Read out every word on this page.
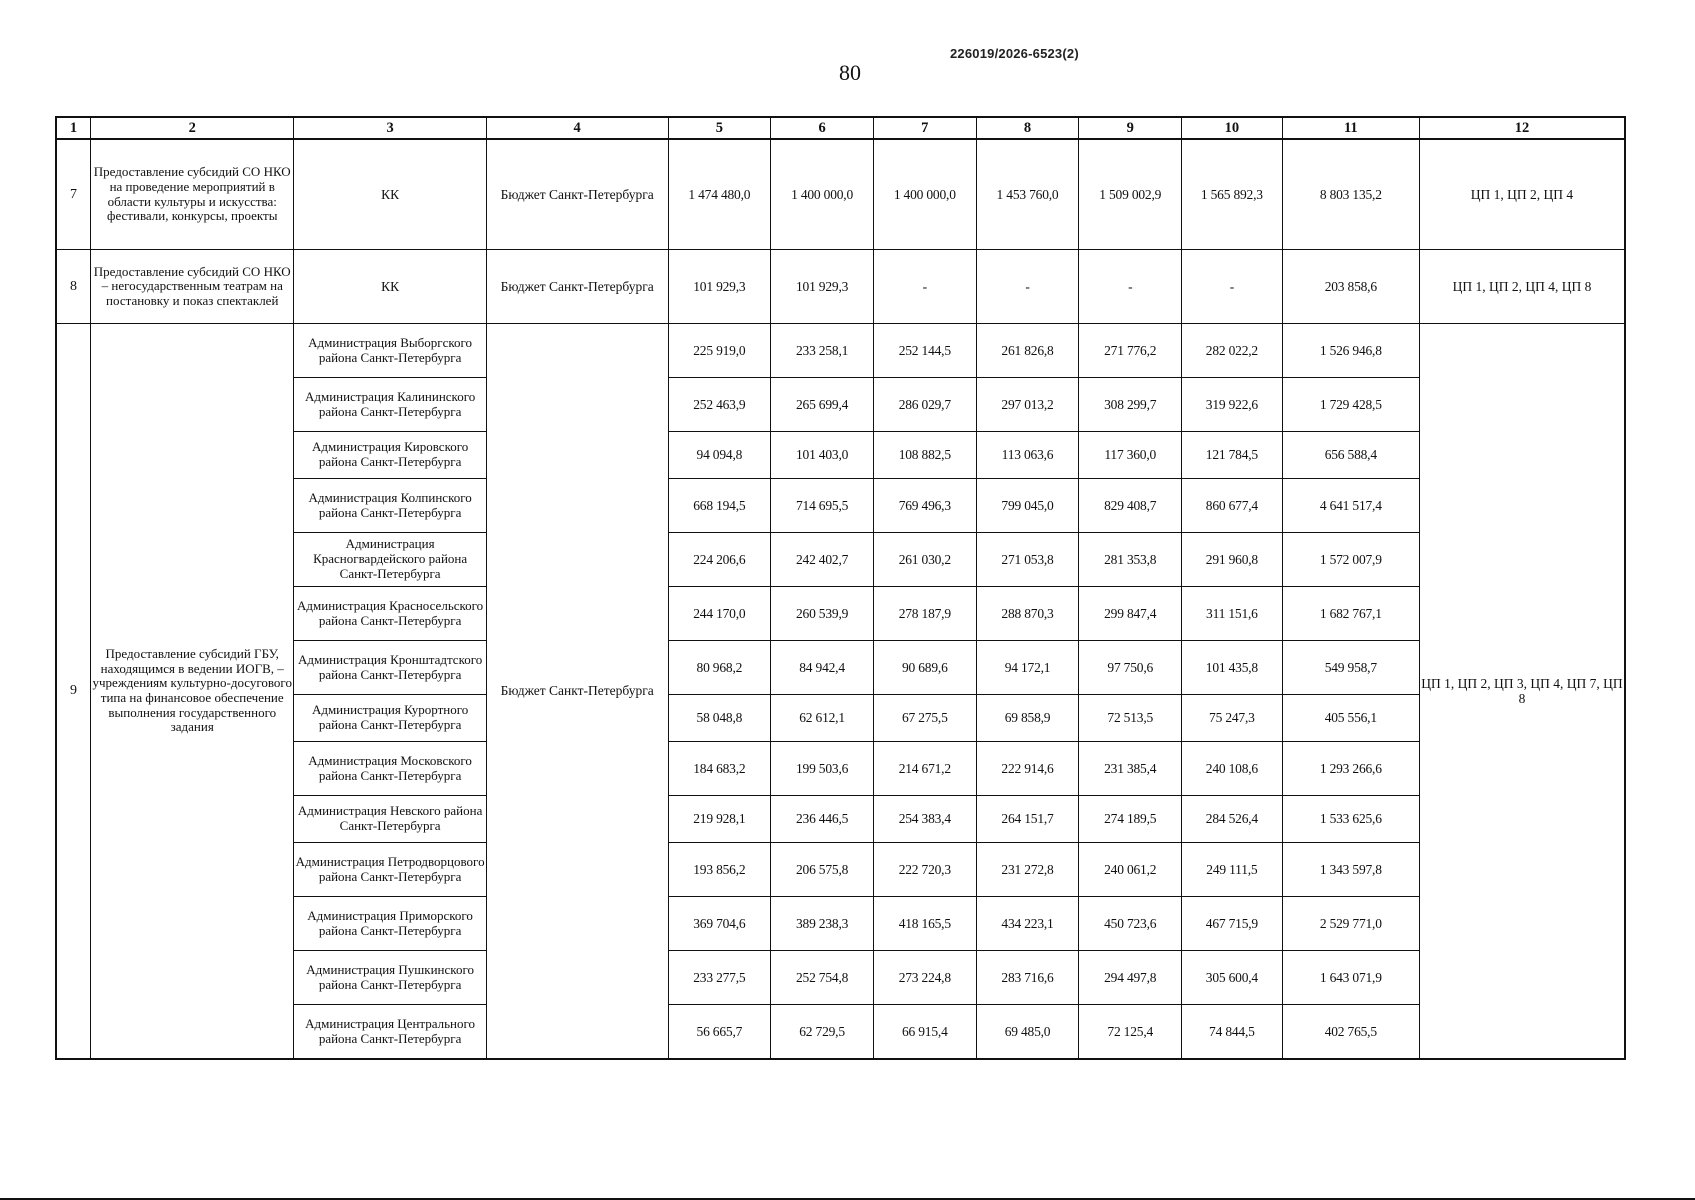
226019/2026-6523(2)
80
1	2	3	4	5	6	7	8	9	10	11	12
7	Предоставление субсидий СО НКО на проведение мероприятий в области культуры и искусства: фестивали, конкурсы, проекты	КК	Бюджет Санкт-Петербурга	1 474 480,0	1 400 000,0	1 400 000,0	1 453 760,0	1 509 002,9	1 565 892,3	8 803 135,2	ЦП 1, ЦП 2, ЦП 4
8	Предоставление субсидий СО НКО – негосударственным театрам на постановку и показ спектаклей	КК	Бюджет Санкт-Петербурга	101 929,3	101 929,3	-	-	-	-	203 858,6	ЦП 1, ЦП 2, ЦП 4, ЦП 8
9	Предоставление субсидий ГБУ, находящимся в ведении ИОГВ, – учреждениям культурно-досугового типа на финансовое обеспечение выполнения государственного задания	Администрация Выборгского района Санкт-Петербурга	Бюджет Санкт-Петербурга	225 919,0	233 258,1	252 144,5	261 826,8	271 776,2	282 022,2	1 526 946,8	ЦП 1, ЦП 2, ЦП 3, ЦП 4, ЦП 7, ЦП 8
		Администрация Калининского района Санкт-Петербурга		252 463,9	265 699,4	286 029,7	297 013,2	308 299,7	319 922,6	1 729 428,5	
		Администрация Кировского района Санкт-Петербурга		94 094,8	101 403,0	108 882,5	113 063,6	117 360,0	121 784,5	656 588,4	
		Администрация Колпинского района Санкт-Петербурга		668 194,5	714 695,5	769 496,3	799 045,0	829 408,7	860 677,4	4 641 517,4	
		Администрация Красногвардейского района Санкт-Петербурга		224 206,6	242 402,7	261 030,2	271 053,8	281 353,8	291 960,8	1 572 007,9	
		Администрация Красносельского района Санкт-Петербурга		244 170,0	260 539,9	278 187,9	288 870,3	299 847,4	311 151,6	1 682 767,1	
		Администрация Кронштадтского района Санкт-Петербурга		80 968,2	84 942,4	90 689,6	94 172,1	97 750,6	101 435,8	549 958,7	
		Администрация Курортного района Санкт-Петербурга		58 048,8	62 612,1	67 275,5	69 858,9	72 513,5	75 247,3	405 556,1	
		Администрация Московского района Санкт-Петербурга		184 683,2	199 503,6	214 671,2	222 914,6	231 385,4	240 108,6	1 293 266,6	
		Администрация Невского района Санкт-Петербурга		219 928,1	236 446,5	254 383,4	264 151,7	274 189,5	284 526,4	1 533 625,6	
		Администрация Петродворцового района Санкт-Петербурга		193 856,2	206 575,8	222 720,3	231 272,8	240 061,2	249 111,5	1 343 597,8	
		Администрация Приморского района Санкт-Петербурга		369 704,6	389 238,3	418 165,5	434 223,1	450 723,6	467 715,9	2 529 771,0	
		Администрация Пушкинского района Санкт-Петербурга		233 277,5	252 754,8	273 224,8	283 716,6	294 497,8	305 600,4	1 643 071,9	
		Администрация Центрального района Санкт-Петербурга		56 665,7	62 729,5	66 915,4	69 485,0	72 125,4	74 844,5	402 765,5	
